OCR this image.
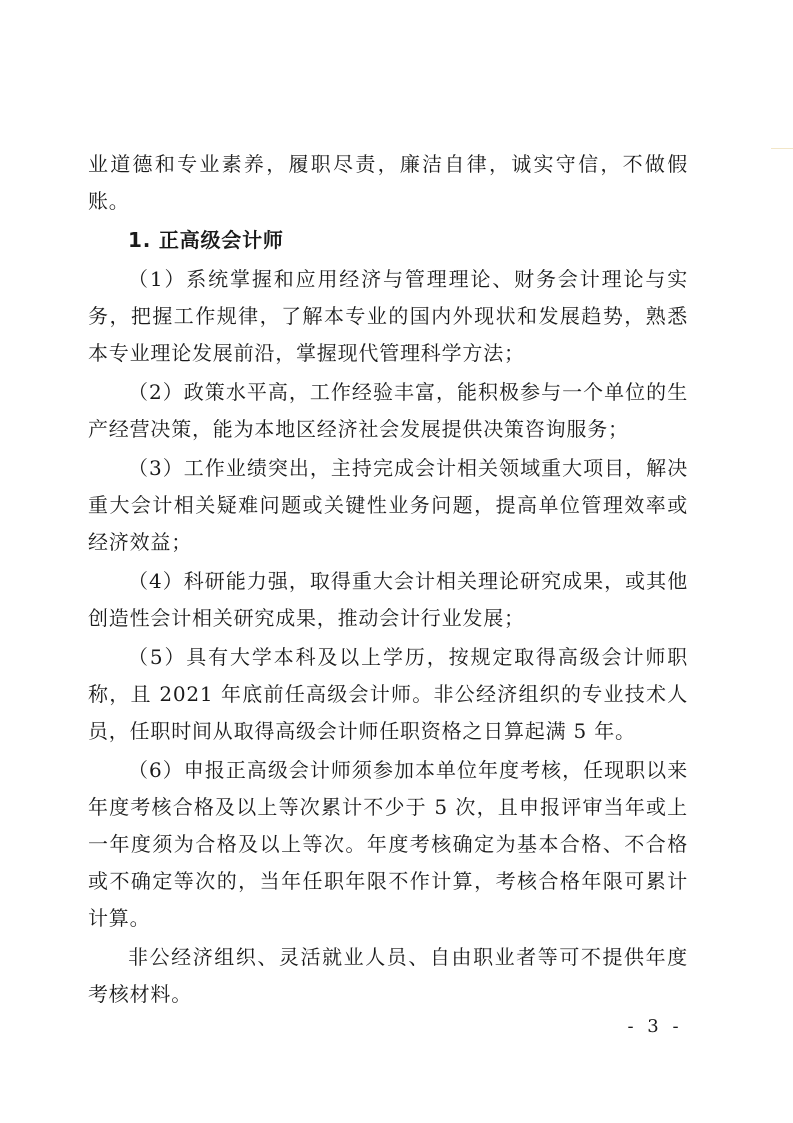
业道德和专业素养，履职尽责，廉洁自律，诚实守信，不做假账。

1. 正高级会计师

（1）系统掌握和应用经济与管理理论、财务会计理论与实务，把握工作规律，了解本专业的国内外现状和发展趋势，熟悉本专业理论发展前沿，掌握现代管理科学方法；

（2）政策水平高，工作经验丰富，能积极参与一个单位的生产经营决策，能为本地区经济社会发展提供决策咨询服务；

（3）工作业绩突出，主持完成会计相关领域重大项目，解决重大会计相关疑难问题或关键性业务问题，提高单位管理效率或经济效益；

（4）科研能力强，取得重大会计相关理论研究成果，或其他创造性会计相关研究成果，推动会计行业发展；

（5）具有大学本科及以上学历，按规定取得高级会计师职称，且 2021 年底前任高级会计师。非公经济组织的专业技术人员，任职时间从取得高级会计师任职资格之日算起满 5 年。

（6）申报正高级会计师须参加本单位年度考核，任现职以来年度考核合格及以上等次累计不少于 5 次，且申报评审当年或上一年度须为合格及以上等次。年度考核确定为基本合格、不合格或不确定等次的，当年任职年限不作计算，考核合格年限可累计计算。

非公经济组织、灵活就业人员、自由职业者等可不提供年度考核材料。

- 3 -
